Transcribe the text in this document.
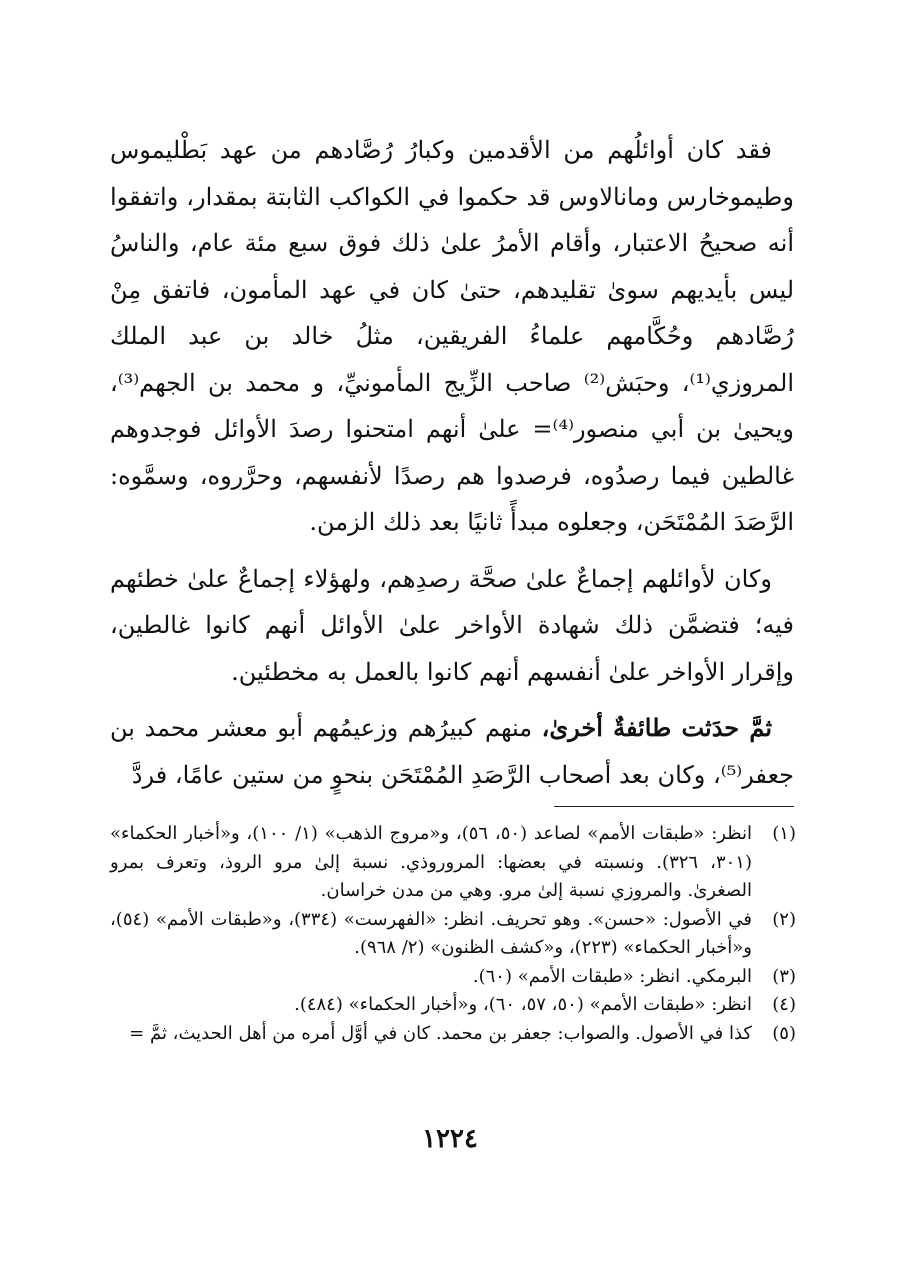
فقد كان أوائلُهم من الأقدمين وكبارُ رُصَّادهم من عهد بَطْليموس وطيموخارس ومانالاوس قد حكموا في الكواكب الثابتة بمقدار، واتفقوا أنه صحيحُ الاعتبار، وأقام الأمرُ علىٰ ذلك فوق سبع مئة عام، والناسُ ليس بأيديهم سوىٰ تقليدهم، حتىٰ كان في عهد المأمون، فاتفق مِنْ رُصَّادهم وحُكَّامهم علماءُ الفريقين، مثلُ خالد بن عبد الملك المروزي⁽¹⁾، وحبَش⁽²⁾ صاحب الزِّيج المأمونيِّ، و محمد بن الجهم⁽³⁾، ويحيىٰ بن أبي منصور⁽⁴⁾= علىٰ أنهم امتحنوا رصدَ الأوائل فوجدوهم غالطين فيما رصدُوه، فرصدوا هم رصدًا لأنفسهم، وحرَّروه، وسمَّوه: الرَّصَدَ المُمْتَحَن، وجعلوه مبدأً ثانيًا بعد ذلك الزمن.

وكان لأوائلهم إجماعٌ علىٰ صحَّة رصدِهم، ولهؤلاء إجماعٌ علىٰ خطئهم فيه؛ فتضمَّن ذلك شهادة الأواخر علىٰ الأوائل أنهم كانوا غالطين، وإقرار الأواخر علىٰ أنفسهم أنهم كانوا بالعمل به مخطئين.

ثمَّ حدَثت طائفةٌ أخرىٰ، منهم كبيرُهم وزعيمُهم أبو معشر محمد بن جعفر⁽⁵⁾، وكان بعد أصحاب الرَّصَدِ المُمْتَحَن بنحوٍ من ستين عامًا، فردَّ

(١)
انظر: «طبقات الأمم» لصاعد (٥٠، ٥٦)، و«مروج الذهب» (١/ ١٠٠)، و«أخبار الحكماء» (٣٠١، ٣٢٦). ونسبته في بعضها: المروروذي. نسبة إلىٰ مرو الروذ، وتعرف بمرو الصغرىٰ. والمروزي نسبة إلىٰ مرو. وهي من مدن خراسان.
(٢)
في الأصول: «حسن». وهو تحريف. انظر: «الفهرست» (٣٣٤)، و«طبقات الأمم» (٥٤)، و«أخبار الحكماء» (٢٢٣)، و«كشف الظنون» (٢/ ٩٦٨).
(٣)
البرمكي. انظر: «طبقات الأمم» (٦٠).
(٤)
انظر: «طبقات الأمم» (٥٠، ٥٧، ٦٠)، و«أخبار الحكماء» (٤٨٤).
(٥)
كذا في الأصول. والصواب: جعفر بن محمد. كان في أوَّل أمره من أهل الحديث، ثمَّ =
١٢٢٤
